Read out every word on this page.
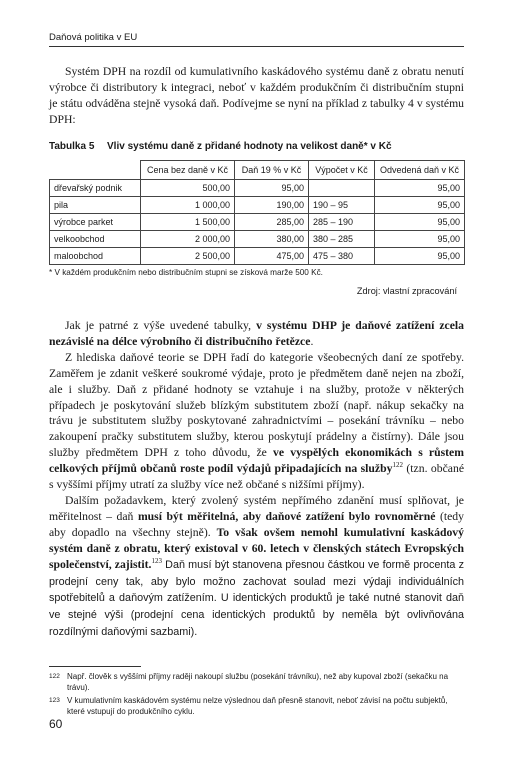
Daňová politika v EU
Systém DPH na rozdíl od kumulativního kaskádového systému daně z obratu nenutí výrobce či distributory k integraci, neboť v každém produkčním či distribučním stupni je státu odváděna stejně vysoká daň. Podívejme se nyní na příklad z tabulky 4 v systému DPH:
Tabulka 5 Vliv systému daně z přidané hodnoty na velikost daně* v Kč
	Cena bez daně v Kč	Daň 19 % v Kč	Výpočet v Kč	Odvedená daň v Kč
dřevařský podnik	500,00	95,00		95,00
pila	1 000,00	190,00	190 – 95	95,00
výrobce parket	1 500,00	285,00	285 – 190	95,00
velkoobchod	2 000,00	380,00	380 – 285	95,00
maloobchod	2 500,00	475,00	475 – 380	95,00
* V každém produkčním nebo distribučním stupni se získová marže 500 Kč.
Zdroj: vlastní zpracování

Jak je patrné z výše uvedené tabulky, v systému DHP je daňové zatížení zcela nezávislé na délce výrobního či distribučního řetězce.

Z hlediska daňové teorie se DPH řadí do kategorie všeobecných daní ze spotřeby. Zaměřem je zdanit veškeré soukromé výdaje, proto je předmětem daně nejen na zboží, ale i služby. Daň z přidané hodnoty se vztahuje i na služby, protože v některých případech je poskytování služeb blízkým substitutem zboží (např. nákup sekačky na trávu je substitutem služby poskytované zahradnictvími – posekání trávníku – nebo zakoupení pračky substitutem služby, kterou poskytují prádelny a čistírny). Dále jsou služby předmětem DPH z toho důvodu, že ve vyspělých ekonomikách s růstem celkových příjmů občanů roste podíl výdajů připadajících na služby$^{122}$ (tzn. občané s vyššími příjmy utratí za služby více než občané s nižšími příjmy).

Dalším požadavkem, který zvolený systém nepřímého zdanění musí splňovat, je měřitelnost – daň musí být měřitelná, aby daňové zatížení bylo rovnoměrné (tedy aby dopadlo na všechny stejně). To však ovšem nemohl kumulativní kaskádový systém daně z obratu, který existoval v 60. letech v členských státech Evropských společenství, zajistit.$^{123}$ Daň musí být stanovena přesnou částkou ve formě procenta z prodejní ceny tak, aby bylo možno zachovat soulad mezi výdaji individuálních spotřebitelů a daňovým zatížením. U identických produktů je také nutné stanovit daň ve stejné výši (prodejní cena identických produktů by neměla být ovlivňována rozdílnými daňovými sazbami).

122 Např. člověk s vyššími příjmy raději nakoupí službu (posekání trávníku), než aby kupoval zboží (sekačku na trávu).
123 V kumulativním kaskádovém systému nelze výslednou daň přesně stanovit, neboť závisí na počtu subjektů, které vstupují do produkčního cyklu.
60
